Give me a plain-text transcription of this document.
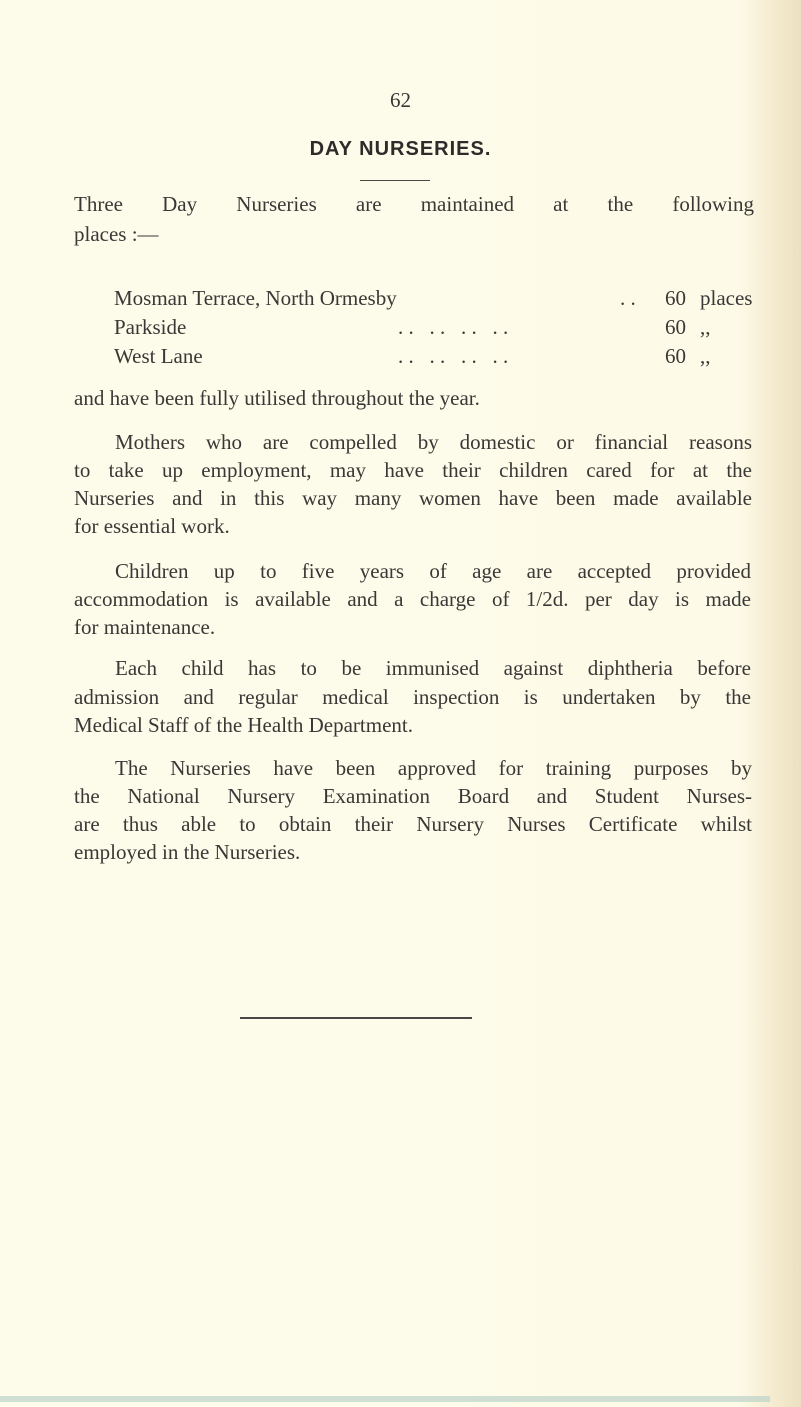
62
DAY NURSERIES.
Three Day Nurseries are maintained at the following
places :—
Mosman Terrace, North Ormesby	. . 60 places
Parkside	. .   . .   . .   . .	60 ,,
West Lane	. .   . .   . .   . .	60 ,,
and have been fully utilised throughout the year.
Mothers who are compelled by domestic or financial reasons
to take up employment, may have their children cared for at the
Nurseries and in this way many women have been made available
for essential work.
Children up to five years of age are accepted provided
accommodation is available and a charge of 1/2d. per day is made
for maintenance.
Each child has to be immunised against diphtheria before
admission and regular medical inspection is undertaken by the
Medical Staff of the Health Department.
The Nurseries have been approved for training purposes by
the National Nursery Examination Board and Student Nurses-
are thus able to obtain their Nursery Nurses Certificate whilst
employed in the Nurseries.
